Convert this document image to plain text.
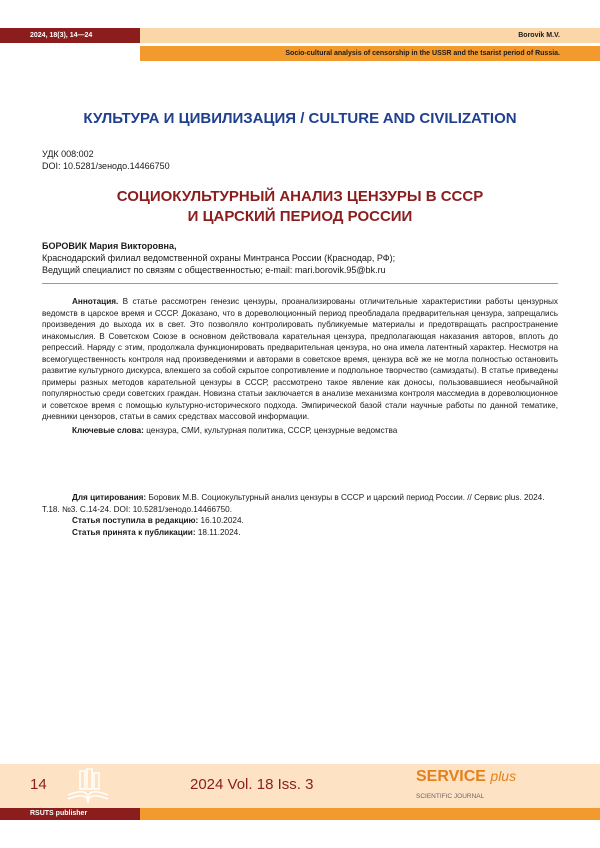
2024, 18(3), 14—24	Borovik M.V.
Socio-cultural analysis of censorship in the USSR and the tsarist period of Russia.
КУЛЬТУРА И ЦИВИЛИЗАЦИЯ / CULTURE AND CIVILIZATION
УДК 008:002
DOI: 10.5281/зенодо.14466750
СОЦИОКУЛЬТУРНЫЙ АНАЛИЗ ЦЕНЗУРЫ В СССР
И ЦАРСКИЙ ПЕРИОД РОССИИ
БОРОВИК Мария Викторовна,
Краснодарский филиал ведомственной охраны Минтранса России (Краснодар, РФ);
Ведущий специалист по связям с общественностью; e-mail: mari.borovik.95@bk.ru

Аннотация. В статье рассмотрен генезис цензуры, проанализированы отличительные характеристики работы цензурных ведомств в царское время и СССР. Доказано, что в дореволюционный период преобладала предварительная цензура, запрещались произведения до выхода их в свет. Это позволяло контролировать публикуемые материалы и предотвращать распространение инакомыслия. В Советском Союзе в основном действовала карательная цензура, предполагающая наказания авторов, вплоть до репрессий. Наряду с этим, продолжала функционировать предварительная цензура, но она имела латентный характер. Несмотря на всемогущественность контроля над произведениями и авторами в советское время, цензура всё же не могла полностью остановить развитие культурного дискурса, влекшего за собой скрытое сопротивление и подпольное творчество (самиздаты). В статье приведены примеры разных методов карательной цензуры в СССР, рассмотрено такое явление как доносы, пользовавшиеся необычайной популярностью среди советских граждан. Новизна статьи заключается в анализе механизма контроля массмедиа в дореволюционное и советское время с помощью культурно-исторического подхода. Эмпирической базой стали научные работы по данной тематике, дневники цензоров, статьи в самих средствах массовой информации.

Ключевые слова: цензура, СМИ, культурная политика, СССР, цензурные ведомства

Для цитирования: Боровик М.В. Социокультурный анализ цензуры в СССР и царский период России. // Сервис plus. 2024. Т.18. №3. С.14-24. DOI: 10.5281/зенодо.14466750.

Статья поступила в редакцию: 16.10.2024.

Статья принята к публикации: 18.11.2024.

14	2024 Vol. 18 Iss. 3	SERVICE plus
SCIENTIFIC JOURNAL
RSUTS publisher
